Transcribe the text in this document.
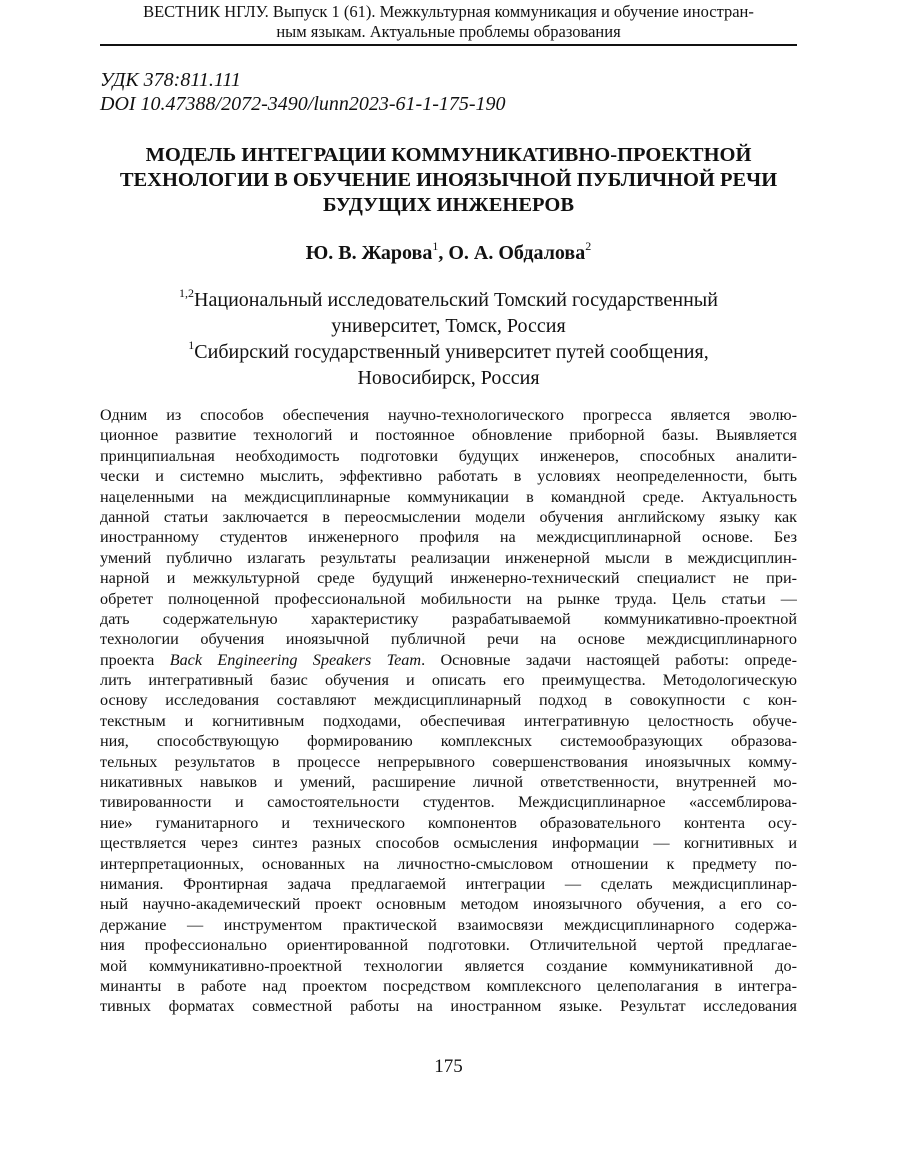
ВЕСТНИК НГЛУ. Выпуск 1 (61). Межкультурная коммуникация и обучение иностран-
ным языкам. Актуальные проблемы образования
УДК 378:811.111
DOI 10.47388/2072-3490/lunn2023-61-1-175-190
МОДЕЛЬ ИНТЕГРАЦИИ КОММУНИКАТИВНО-ПРОЕКТНОЙ
ТЕХНОЛОГИИ В ОБУЧЕНИЕ ИНОЯЗЫЧНОЙ ПУБЛИЧНОЙ РЕЧИ
БУДУЩИХ ИНЖЕНЕРОВ
Ю. В. Жарова$^1$, О. А. Обдалова$^2$
$^{1,2}$Национальный исследовательский Томский государственный
университет, Томск, Россия
$^1$Сибирский государственный университет путей сообщения,
Новосибирск, Россия
Одним из способов обеспечения научно-технологического прогресса является эволю-
ционное развитие технологий и постоянное обновление приборной базы. Выявляется
принципиальная необходимость подготовки будущих инженеров, способных аналити-
чески и системно мыслить, эффективно работать в условиях неопределенности, быть
нацеленными на междисциплинарные коммуникации в командной среде. Актуальность
данной статьи заключается в переосмыслении модели обучения английскому языку как
иностранному студентов инженерного профиля на междисциплинарной основе. Без
умений публично излагать результаты реализации инженерной мысли в междисциплин-
нарной и межкультурной среде будущий инженерно-технический специалист не при-
обретет полноценной профессиональной мобильности на рынке труда. Цель статьи —
дать содержательную характеристику разрабатываемой коммуникативно-проектной
технологии обучения иноязычной публичной речи на основе междисциплинарного
проекта Back Engineering Speakers Team. Основные задачи настоящей работы: опреде-
лить интегративный базис обучения и описать его преимущества. Методологическую
основу исследования составляют междисциплинарный подход в совокупности с кон-
текстным и когнитивным подходами, обеспечивая интегративную целостность обуче-
ния, способствующую формированию комплексных системообразующих образова-
тельных результатов в процессе непрерывного совершенствования иноязычных комму-
никативных навыков и умений, расширение личной ответственности, внутренней мо-
тивированности и самостоятельности студентов. Междисциплинарное «ассемблирова-
ние» гуманитарного и технического компонентов образовательного контента осу-
ществляется через синтез разных способов осмысления информации — когнитивных и
интерпретационных, основанных на личностно-смысловом отношении к предмету по-
нимания. Фронтирная задача предлагаемой интеграции — сделать междисциплинар-
ный научно-академический проект основным методом иноязычного обучения, а его со-
держание — инструментом практической взаимосвязи междисциплинарного содержа-
ния профессионально ориентированной подготовки. Отличительной чертой предлагае-
мой коммуникативно-проектной технологии является создание коммуникативной до-
минанты в работе над проектом посредством комплексного целеполагания в интегра-
тивных форматах совместной работы на иностранном языке. Результат исследования
175
